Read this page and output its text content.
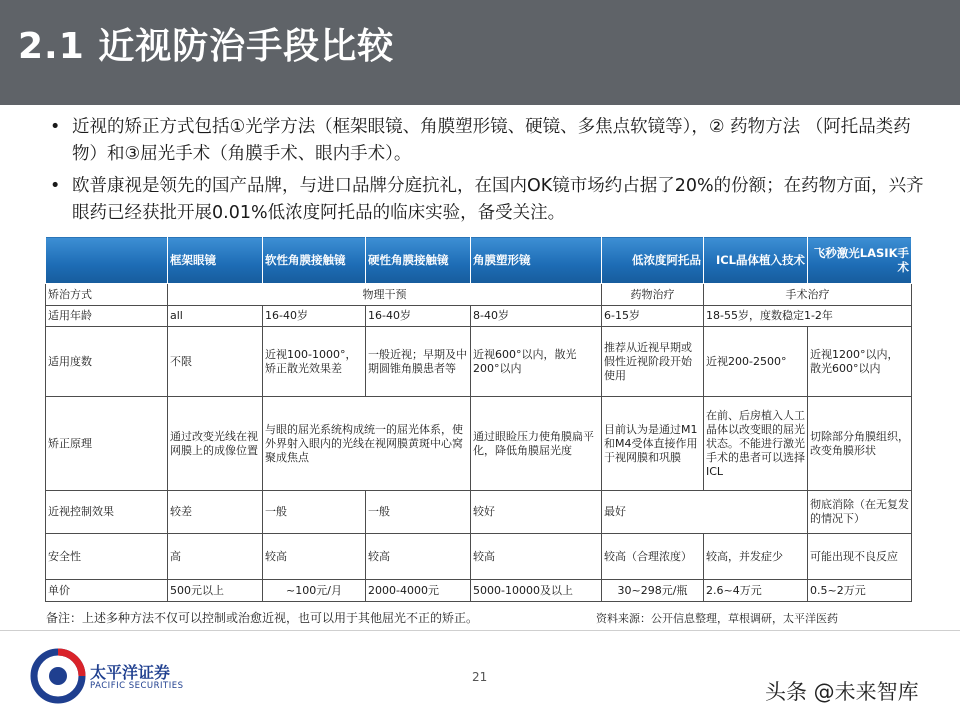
2.1 近视防治手段比较
• 近视的矫正方式包括①光学方法（框架眼镜、角膜塑形镜、硬镜、多焦点软镜等），② 药物方法 （阿托品类药物）和③屈光手术（角膜手术、眼内手术）。
• 欧普康视是领先的国产品牌，与进口品牌分庭抗礼，在国内OK镜市场约占据了20%的份额；在药物方面，兴齐眼药已经获批开展0.01%低浓度阿托品的临床实验，备受关注。
	框架眼镜	软性角膜接触镜	硬性角膜接触镜	角膜塑形镜	低浓度阿托品	ICL晶体植入技术	飞秒激光LASIK手术
矫治方式	物理干预				药物治疗	手术治疗	
适用年龄	all	16-40岁	16-40岁	8-40岁	6-15岁	18-55岁，度数稳定1-2年	
适用度数	不限	近视100-1000°，矫正散光效果差	一般近视；早期及中期圆锥角膜患者等	近视600°以内，散光200°以内	推荐从近视早期或假性近视阶段开始使用	近视200-2500°	近视1200°以内，散光600°以内
矫正原理	通过改变光线在视网膜上的成像位置	与眼的屈光系统构成统一的屈光体系，使外界射入眼内的光线在视网膜黄斑中心窝聚成焦点		通过眼睑压力使角膜扁平化，降低角膜屈光度	目前认为是通过M1和M4受体直接作用于视网膜和巩膜	在前、后房植入人工晶体以改变眼的屈光状态。不能进行激光手术的患者可以选择ICL	切除部分角膜组织，改变角膜形状
近视控制效果	较差	一般	一般	较好	最好		彻底消除（在无复发的情况下）
安全性	高	较高	较高	较高	较高（合理浓度）	较高，并发症少	可能出现不良反应
单价	500元以上	~100元/月	2000-4000元	5000-10000及以上	30~298元/瓶	2.6~4万元	0.5~2万元
备注：上述多种方法不仅可以控制或治愈近视，也可以用于其他屈光不正的矫正。	资料来源：公开信息整理，草根调研，太平洋医药
太平洋证券
PACIFIC SECURITIES
21
头条 @未来智库
